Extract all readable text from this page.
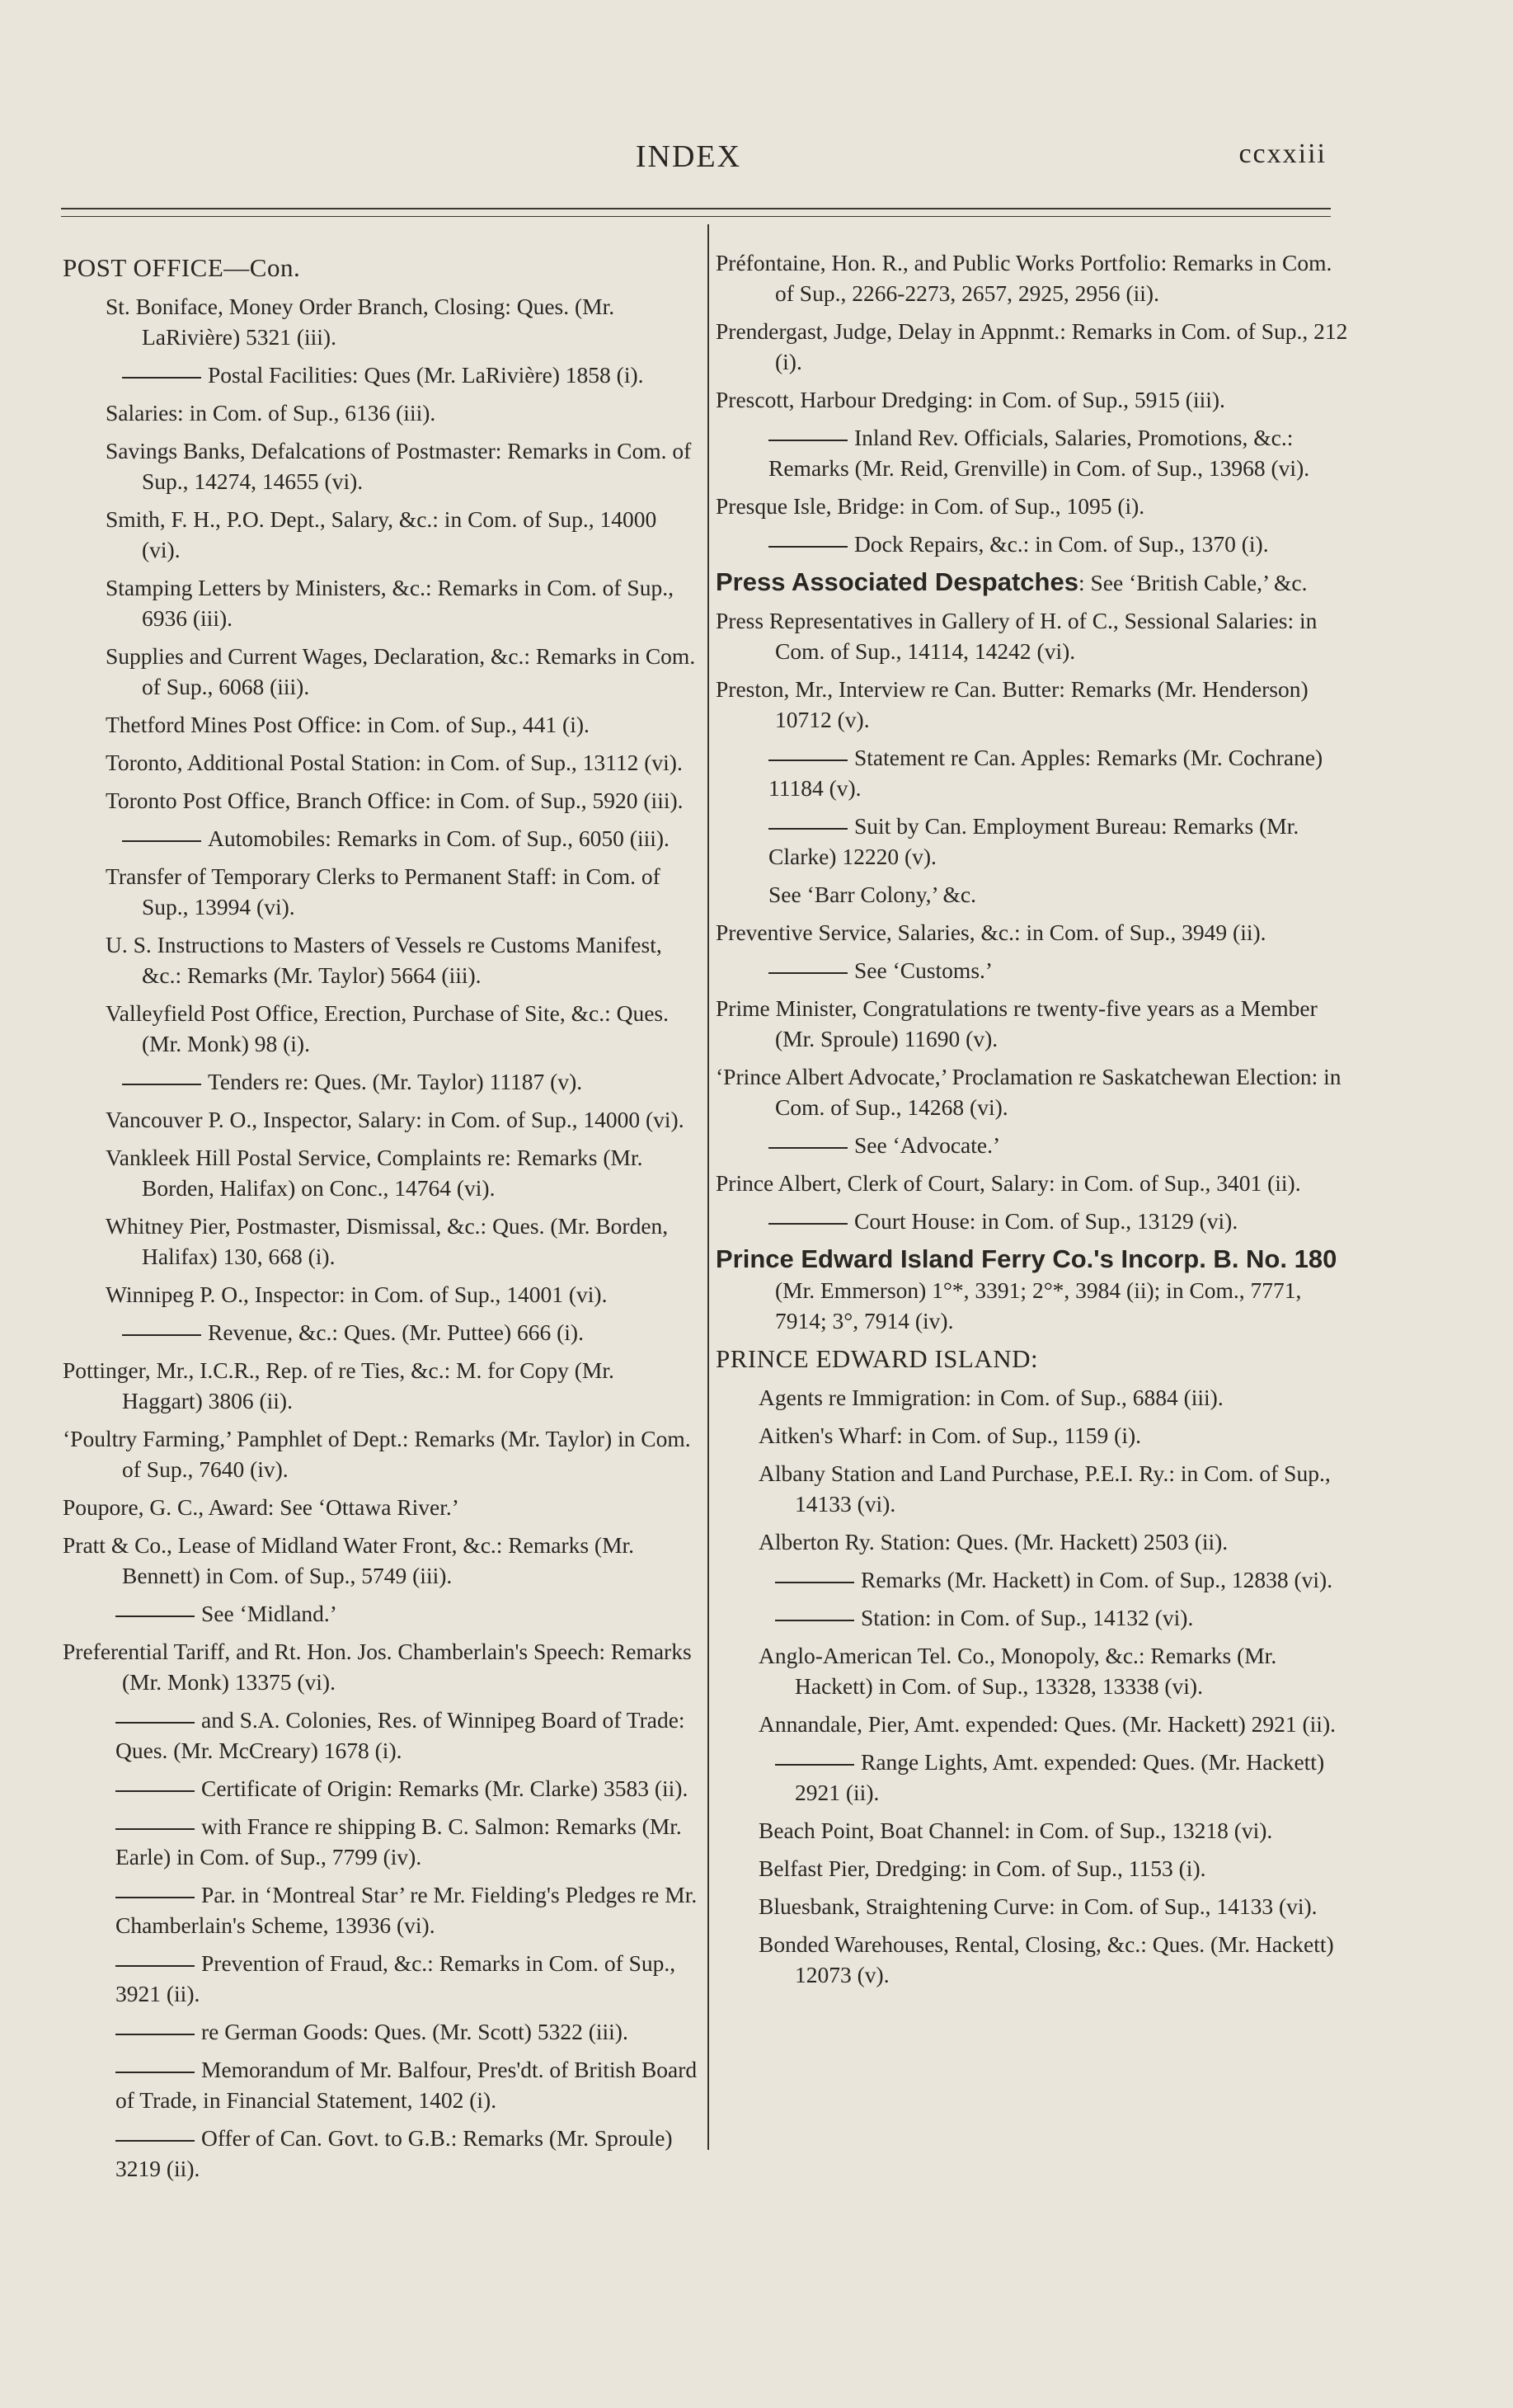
INDEX	ccxxiii
POST OFFICE—Con.
St. Boniface, Money Order Branch, Closing: Ques. (Mr. LaRivière) 5321 (iii).
Postal Facilities: Ques (Mr. LaRivière) 1858 (i).
Salaries: in Com. of Sup., 6136 (iii).
Savings Banks, Defalcations of Postmaster: Remarks in Com. of Sup., 14274, 14655 (vi).
Smith, F. H., P.O. Dept., Salary, &c.: in Com. of Sup., 14000 (vi).
Stamping Letters by Ministers, &c.: Remarks in Com. of Sup., 6936 (iii).
Supplies and Current Wages, Declaration, &c.: Remarks in Com. of Sup., 6068 (iii).
Thetford Mines Post Office: in Com. of Sup., 441 (i).
Toronto, Additional Postal Station: in Com. of Sup., 13112 (vi).
Toronto Post Office, Branch Office: in Com. of Sup., 5920 (iii).
Automobiles: Remarks in Com. of Sup., 6050 (iii).
Transfer of Temporary Clerks to Permanent Staff: in Com. of Sup., 13994 (vi).
U. S. Instructions to Masters of Vessels re Customs Manifest, &c.: Remarks (Mr. Taylor) 5664 (iii).
Valleyfield Post Office, Erection, Purchase of Site, &c.: Ques. (Mr. Monk) 98 (i).
Tenders re: Ques. (Mr. Taylor) 11187 (v).
Vancouver P. O., Inspector, Salary: in Com. of Sup., 14000 (vi).
Vankleek Hill Postal Service, Complaints re: Remarks (Mr. Borden, Halifax) on Conc., 14764 (vi).
Whitney Pier, Postmaster, Dismissal, &c.: Ques. (Mr. Borden, Halifax) 130, 668 (i).
Winnipeg P. O., Inspector: in Com. of Sup., 14001 (vi).
Revenue, &c.: Ques. (Mr. Puttee) 666 (i).
Pottinger, Mr., I.C.R., Rep. of re Ties, &c.: M. for Copy (Mr. Haggart) 3806 (ii).
‘Poultry Farming,’ Pamphlet of Dept.: Remarks (Mr. Taylor) in Com. of Sup., 7640 (iv).
Poupore, G. C., Award: See ‘Ottawa River.’
Pratt & Co., Lease of Midland Water Front, &c.: Remarks (Mr. Bennett) in Com. of Sup., 5749 (iii).
See ‘Midland.’
Preferential Tariff, and Rt. Hon. Jos. Chamberlain's Speech: Remarks (Mr. Monk) 13375 (vi).
and S.A. Colonies, Res. of Winnipeg Board of Trade: Ques. (Mr. McCreary) 1678 (i).
Certificate of Origin: Remarks (Mr. Clarke) 3583 (ii).
with France re shipping B. C. Salmon: Remarks (Mr. Earle) in Com. of Sup., 7799 (iv).
Par. in ‘Montreal Star’ re Mr. Fielding's Pledges re Mr. Chamberlain's Scheme, 13936 (vi).
Prevention of Fraud, &c.: Remarks in Com. of Sup., 3921 (ii).
re German Goods: Ques. (Mr. Scott) 5322 (iii).
Memorandum of Mr. Balfour, Pres'dt. of British Board of Trade, in Financial Statement, 1402 (i).
Offer of Can. Govt. to G.B.: Remarks (Mr. Sproule) 3219 (ii).
Préfontaine, Hon. R., and Public Works Portfolio: Remarks in Com. of Sup., 2266-2273, 2657, 2925, 2956 (ii).
Prendergast, Judge, Delay in Appnmt.: Remarks in Com. of Sup., 212 (i).
Prescott, Harbour Dredging: in Com. of Sup., 5915 (iii).
Inland Rev. Officials, Salaries, Promotions, &c.: Remarks (Mr. Reid, Grenville) in Com. of Sup., 13968 (vi).
Presque Isle, Bridge: in Com. of Sup., 1095 (i).
Dock Repairs, &c.: in Com. of Sup., 1370 (i).
Press Associated Despatches: See ‘British Cable,’ &c.
Press Representatives in Gallery of H. of C., Sessional Salaries: in Com. of Sup., 14114, 14242 (vi).
Preston, Mr., Interview re Can. Butter: Remarks (Mr. Henderson) 10712 (v).
Statement re Can. Apples: Remarks (Mr. Cochrane) 11184 (v).
Suit by Can. Employment Bureau: Remarks (Mr. Clarke) 12220 (v).
See ‘Barr Colony,’ &c.
Preventive Service, Salaries, &c.: in Com. of Sup., 3949 (ii).
See ‘Customs.’
Prime Minister, Congratulations re twenty-five years as a Member (Mr. Sproule) 11690 (v).
‘Prince Albert Advocate,’ Proclamation re Saskatchewan Election: in Com. of Sup., 14268 (vi).
See ‘Advocate.’
Prince Albert, Clerk of Court, Salary: in Com. of Sup., 3401 (ii).
Court House: in Com. of Sup., 13129 (vi).
Prince Edward Island Ferry Co.'s Incorp. B. No. 180 (Mr. Emmerson) 1°*, 3391; 2°*, 3984 (ii); in Com., 7771, 7914; 3°, 7914 (iv).
PRINCE EDWARD ISLAND:
Agents re Immigration: in Com. of Sup., 6884 (iii).
Aitken's Wharf: in Com. of Sup., 1159 (i).
Albany Station and Land Purchase, P.E.I. Ry.: in Com. of Sup., 14133 (vi).
Alberton Ry. Station: Ques. (Mr. Hackett) 2503 (ii).
Remarks (Mr. Hackett) in Com. of Sup., 12838 (vi).
Station: in Com. of Sup., 14132 (vi).
Anglo-American Tel. Co., Monopoly, &c.: Remarks (Mr. Hackett) in Com. of Sup., 13328, 13338 (vi).
Annandale, Pier, Amt. expended: Ques. (Mr. Hackett) 2921 (ii).
Range Lights, Amt. expended: Ques. (Mr. Hackett) 2921 (ii).
Beach Point, Boat Channel: in Com. of Sup., 13218 (vi).
Belfast Pier, Dredging: in Com. of Sup., 1153 (i).
Bluesbank, Straightening Curve: in Com. of Sup., 14133 (vi).
Bonded Warehouses, Rental, Closing, &c.: Ques. (Mr. Hackett) 12073 (v).
